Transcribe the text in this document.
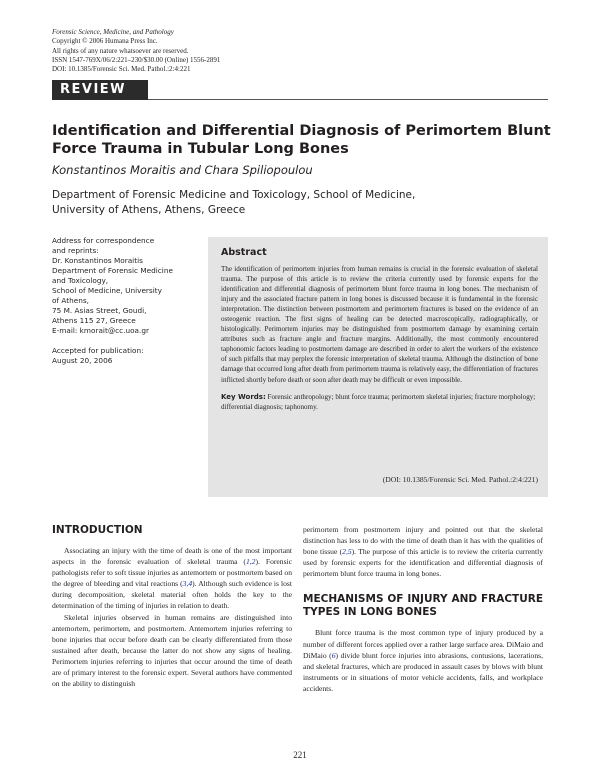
Forensic Science, Medicine, and Pathology
Copyright © 2006 Humana Press Inc.
All rights of any nature whatsoever are reserved.
ISSN 1547-769X/06/2:221–230/$30.00 (Online) 1556-2891
DOI: 10.1385/Forensic Sci. Med. Pathol.:2:4:221
REVIEW
Identification and Differential Diagnosis of Perimortem Blunt Force Trauma in Tubular Long Bones
Konstantinos Moraitis and Chara Spiliopoulou
Department of Forensic Medicine and Toxicology, School of Medicine,
University of Athens, Athens, Greece
Address for correspondence
and reprints:
Dr. Konstantinos Moraitis
Department of Forensic Medicine
and Toxicology,
School of Medicine, University
of Athens,
75 M. Asias Street, Goudi,
Athens 115 27, Greece
E-mail: kmorait@cc.uoa.gr
Accepted for publication:
August 20, 2006
Abstract
The identification of perimortem injuries from human remains is crucial in the forensic evaluation of skeletal trauma. The purpose of this article is to review the criteria currently used by forensic experts for the identification and differential diagnosis of perimortem blunt force trauma in long bones. The mechanism of injury and the associated fracture pattern in long bones is discussed because it is fundamental in the forensic interpretation. The distinction between postmortem and perimortem fractures is based on the evidence of an osteogenic reaction. The first signs of healing can be detected macroscopically, radiographically, or histologically. Perimortem injuries may be distinguished from postmortem damage by examining certain attributes such as fracture angle and fracture margins. Additionally, the most commonly encountered taphonomic factors leading to postmortem damage are described in order to alert the workers of the existence of such pitfalls that may perplex the forensic interpretation of skeletal trauma. Although the distinction of bone damage that occurred long after death from perimortem trauma is relatively easy, the differentiation of fractures inflicted shortly before death or soon after death may be difficult or even impossible.
Key Words: Forensic anthropology; blunt force trauma; perimortem skeletal injuries; fracture morphology; differential diagnosis; taphonomy.
(DOI: 10.1385/Forensic Sci. Med. Pathol.:2:4:221)
INTRODUCTION

Associating an injury with the time of death is one of the most important aspects in the forensic evaluation of skeletal trauma (1,2). Forensic pathologists refer to soft tissue injuries as antemortem or postmortem based on the degree of bleeding and vital reactions (3,4). Although such evidence is lost during decomposition, skeletal material often holds the key to the determination of the timing of injuries in relation to death.

Skeletal injuries observed in human remains are distinguished into antemortem, perimortem, and postmortem. Antemortem injuries referring to bone injuries that occur before death can be clearly differentiated from those sustained after death, because the latter do not show any signs of healing. Perimortem injuries referring to injuries that occur around the time of death are of primary interest to the forensic expert. Several authors have commented on the ability to distinguish

perimortem from postmortem injury and pointed out that the skeletal distinction has less to do with the time of death than it has with the qualities of bone tissue (2,5). The purpose of this article is to review the criteria currently used by forensic experts for the identification and differential diagnosis of perimortem blunt force trauma in long bones.

MECHANISMS OF INJURY AND FRACTURE TYPES IN LONG BONES

Blunt force trauma is the most common type of injury produced by a number of different forces applied over a rather large surface area. DiMaio and DiMaio (6) divide blunt force injuries into abrasions, contusions, lacerations, and skeletal fractures, which are produced in assault cases by blows with blunt instruments or in situations of motor vehicle accidents, falls, and workplace accidents.

221
